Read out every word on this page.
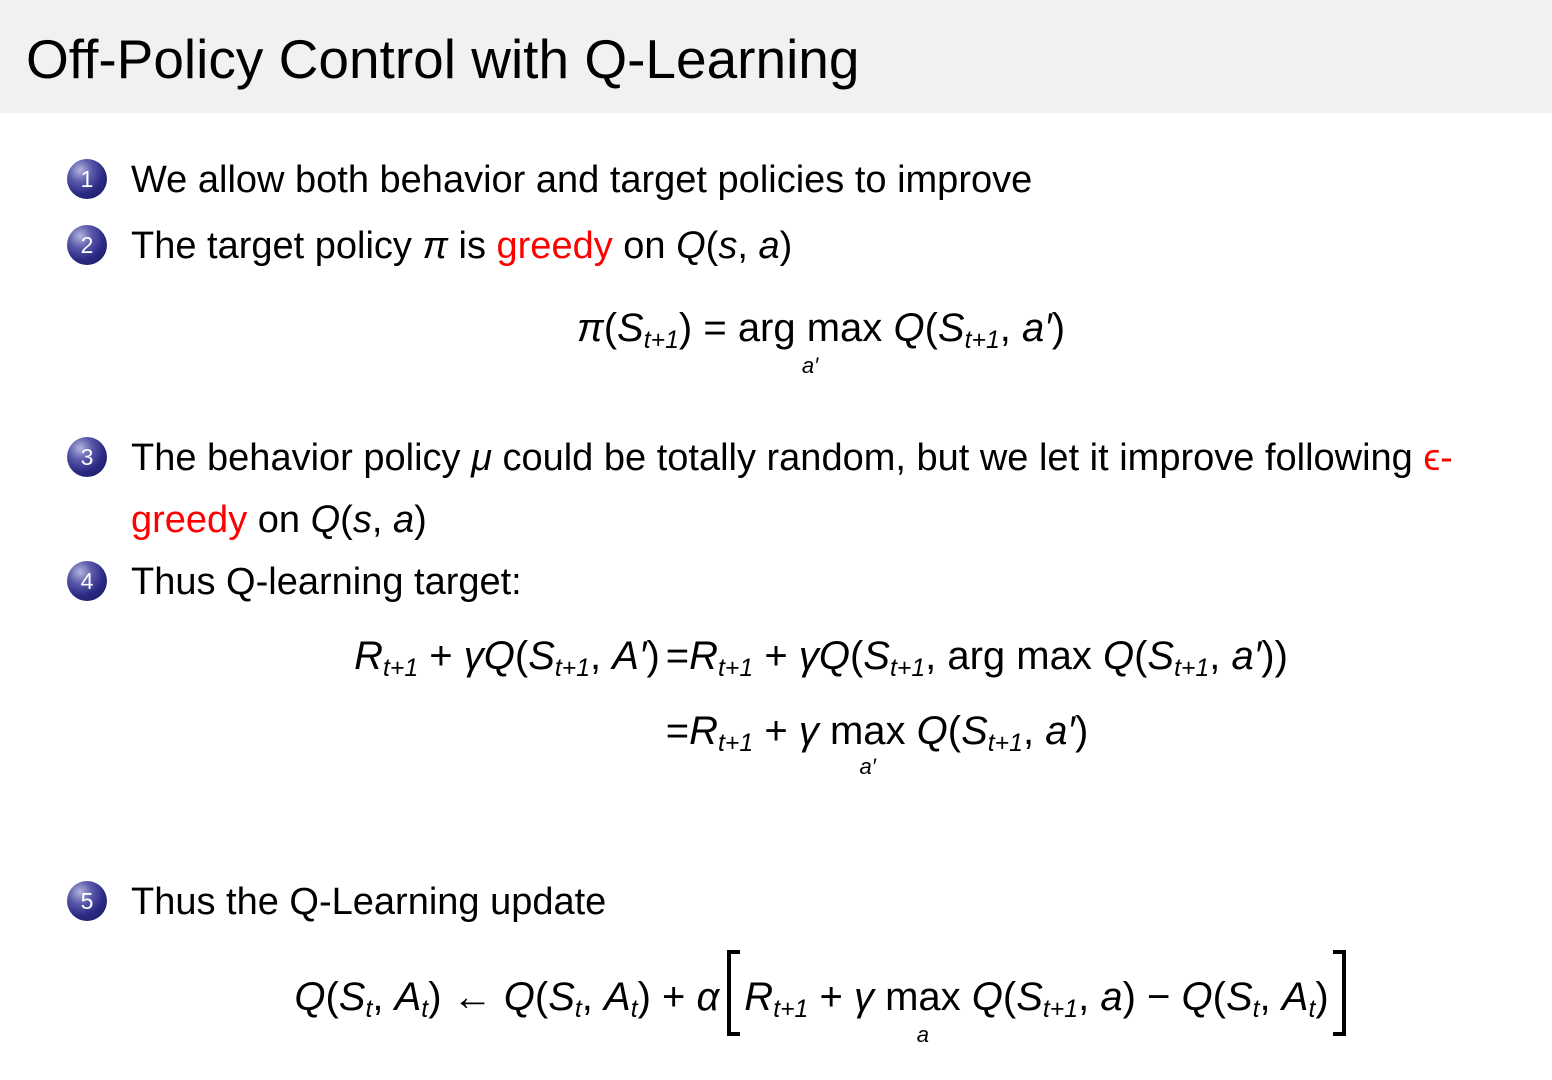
Off-Policy Control with Q-Learning
1 We allow both behavior and target policies to improve
2 The target policy π is greedy on Q(s, a)
π(St+1) = arg max
a′
Q(St+1, a′)
3 The behavior policy μ could be totally random, but we let it improve following ϵ-greedy on Q(s, a)
4 Thus Q-learning target:
Rt+1 + γQ(St+1, A′) =Rt+1 + γQ(St+1, arg max Q(St+1, a′))
=Rt+1 + γ max
a′
Q(St+1, a′)
5 Thus the Q-Learning update
Q(St, At) ← Q(St, At) + α Rt+1 + γ max
a
Q(St+1, a) − Q(St, At)
